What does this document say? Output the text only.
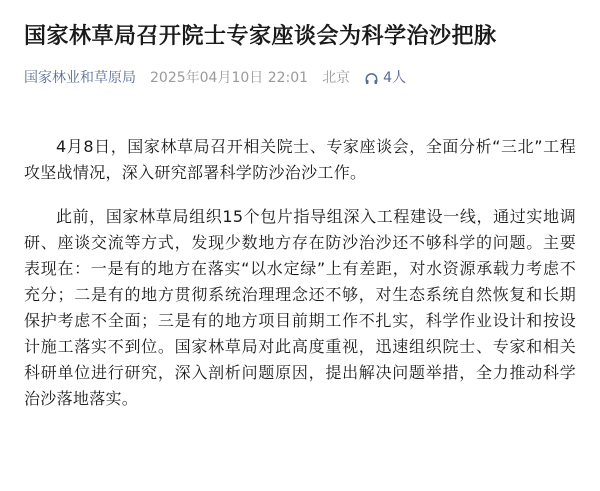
国家林草局召开院士专家座谈会为科学治沙把脉
国家林业和草原局 2025年04月10日 22:01 北京 4人

4月8日，国家林草局召开相关院士、专家座谈会，全面分析“三北”工程攻坚战情况，深入研究部署科学防沙治沙工作。

此前，国家林草局组织15个包片指导组深入工程建设一线，通过实地调研、座谈交流等方式，发现少数地方存在防沙治沙还不够科学的问题。主要表现在：一是有的地方在落实“以水定绿”上有差距，对水资源承载力考虑不充分；二是有的地方贯彻系统治理理念还不够，对生态系统自然恢复和长期保护考虑不全面；三是有的地方项目前期工作不扎实，科学作业设计和按设计施工落实不到位。国家林草局对此高度重视，迅速组织院士、专家和相关科研单位进行研究，深入剖析问题原因，提出解决问题举措，全力推动科学治沙落地落实。
